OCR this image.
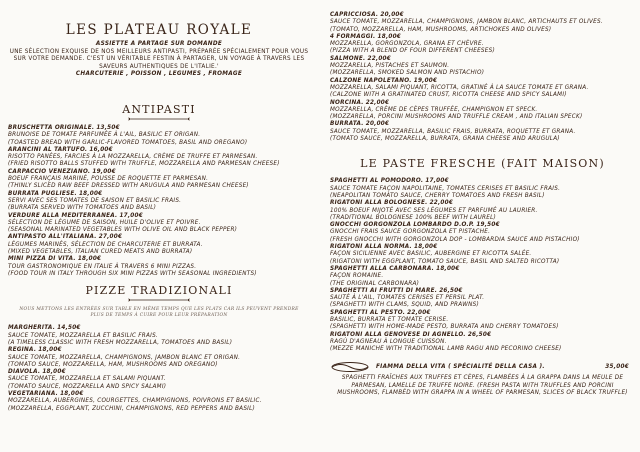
LES PLATEAU ROYALE
ASSIETTE A PARTAGE SUR DOMANDE
UNE SÉLECTION EXQUISE DE NOS MEILLEURS ANTIPASTI, PRÉPARÉE SPÉCIALEMENT POUR VOUS SUR VOTRE DEMANDE. C'EST UN VÉRITABLE FESTIN À PARTAGER, UN VOYAGE À TRAVERS LES SAVEURS AUTHENTIQUES DE L'ITALIE.'
CHARCUTERIE , POISSON , LEGUMES , FROMAGE
ANTIPASTI
BRUSCHETTA ORIGINALE. 13,50€
BRUNOISE DE TOMATE PARFUMÉE À L'AIL, BASILIC ET ORIGAN.
(TOASTED BREAD WITH GARLIC-FLAVORED TOMATOES, BASIL AND OREGANO)
ARANCINI AL TARTUFO. 16,00€
RISOTTO PANÉES, FARCIES À LA MOZZARELLA, CRÈME DE TRUFFE ET PARMESAN.
(FRIED RISOTTO BALLS STUFFED WITH TRUFFLE, MOZZARELLA AND PARMESAN CHEESE)
CARPACCIO VENEZIANO. 19,00€
BOEUF FRANÇAIS MARINÉ, POUSSE DE ROQUETTE ET PARMESAN.
(THINLY SLICED RAW BEEF DRESSED WITH ARUGULA AND PARMESAN CHEESE)
BURRATA PUGLIESE. 18,00€
SERVI AVEC SES TOMATES DE SAISON ET BASILIC FRAIS.
(BURRATA SERVED WITH TOMATOES AND BASIL)
VERDURE ALLA MEDITERRANEA. 17,00€
SÉLECTION DE LÉGUME DE SAISON, HUILE D'OLIVE ET POIVRE.
(SEASONAL MARINATED VEGETABLES WITH OLIVE OIL AND BLACK PEPPER)
ANTIPASTO ALL'ITALIANA. 27,00€
LÉGUMES MARINÉS, SÉLECTION DE CHARCUTERIE ET BURRATA.
(MIXED VEGETABLES, ITALIAN CURED MEATS AND BURRATA)
MINI PIZZA DI VITA. 18,00€
TOUR GASTRONOMIQUE EN ITALIE À TRAVERS 6 MINI PIZZAS.
(FOOD TOUR IN ITALY THROUGH SIX MINI PIZZAS WITH SEASONAL INGREDIENTS)
PIZZE TRADIZIONALI
NOUS METTONS LES ENTRÉES SUR TABLE EN MÊME TEMPS QUE LES PLATS CAR ILS PEUVENT PRENDRE PLUS DE TEMPS À CUIRE POUR LEUR PRÉPARATION
MARGHERITA. 14,50€
SAUCE TOMATE, MOZZARELLA ET BASILIC FRAIS.
(A TIMELESS CLASSIC WITH FRESH MOZZARELLA, TOMATOES AND BASIL)
REGINA. 18,00€
SAUCE TOMATE, MOZZARELLA, CHAMPIGNONS, JAMBON BLANC ET ORIGAN.
(TOMATO SAUCE, MOZZARELLA, HAM, MUSHROOMS AND OREGANO)
DIAVOLA. 18,00€
SAUCE TOMATE, MOZZARELLA ET SALAMI PIQUANT.
(TOMATO SAUCE, MOZZARELLA AND SPICY SALAMI)
VEGETARIANA. 18,00€
MOZZARELLA, AUBERGINES, COURGETTES, CHAMPIGNONS, POIVRONS ET BASILIC.
(MOZZARELLA, EGGPLANT, ZUCCHINI, CHAMPIGNONS, RED PEPPERS AND BASIL)
CAPRICCIOSA. 20,00€
SAUCE TOMATE, MOZZARELLA, CHAMPIGNONS, JAMBON BLANC, ARTICHAUTS ET OLIVES.
(TOMATO, MOZZARELLA, HAM, MUSHROOMS, ARTICHOKES AND OLIVES)
4 FORMAGGI. 18,00€
MOZZARELLA, GORGONZOLA, GRANA ET CHÈVRE.
(PIZZA WITH A BLEND OF FOUR DIFFERENT CHEESES)
SALMONE. 22,00€
MOZZARELLA, PISTACHES ET SAUMON.
(MOZZARELLA, SMOKED SALMON AND PISTACHIO)
CALZONE NAPOLETANO. 19,00€
MOZZARELLA, SALAMI PIQUANT, RICOTTA, GRATINÉ À LA SAUCE TOMATE ET GRANA.
(CALZONE WITH A GRATINATED CRUST, RICOTTA CHEESE AND SPICY SALAMI)
NORCINA. 22,00€
MOZZARELLA, CRÈME DE CÈPES TRUFFÉE, CHAMPIGNON ET SPECK.
(MOZZARELLA, PORCINI MUSHROOMS AND TRUFFLE CREAM , AND ITALIAN SPECK)
BURRATA. 20,00€
SAUCE TOMATE, MOZZARELLA, BASILIC FRAIS, BURRATA, ROQUETTE ET GRANA.
(TOMATO SAUCE, MOZZARELLA, BURRATA, GRANA CHEESE AND ARUGULA)
LE PASTE FRESCHE (FAIT MAISON)
SPAGHETTI AL POMODORO. 17,00€
SAUCE TOMATE FAÇON NAPOLITAINE, TOMATES CERISES ET BASILIC FRAIS.
(NEAPOLITAN TOMATO SAUCE, CHERRY TOMATOES AND FRESH BASIL)
RIGATONI ALLA BOLOGNESE. 22,00€
100% BOEUF MIJOTÉ AVEC SES LÉGUMES ET PARFUMÉ AU LAURIER.
(TRADITIONAL BOLOGNESE 100% BEEF WITH LAUREL)
GNOCCHI GORGONZOLA LOMBARDO D.O.P. 19,50€
GNOCCHI FRAIS SAUCE GORGONZOLA ET PISTACHE.
(FRESH GNOCCHI WITH GORGONZOLA DOP - LOMBARDIA SAUCE AND PISTACHIO)
RIGATONI ALLA NORMA. 18,00€
FAÇON SICILIENNE AVEC BASILIC, AUBERGINE ET RICOTTA SALÉE.
(RIGATONI WITH EGGPLANT, TOMATO SAUCE, BASIL AND SALTED RICOTTA)
SPAGHETTI ALLA CARBONARA. 18,00€
FAÇON ROMAINE.
(THE ORIGINAL CARBONARA)
SPAGHETTI AI FRUTTI DI MARE. 26,50€
SAUTÉ À L'AIL, TOMATES CERISES ET PERSIL PLAT.
(SPAGHETTI WITH CLAMS, SQUID, AND PRAWNS)
SPAGHETTI AL PESTO. 22,00€
BASILIC, BURRATA ET TOMATE CERISE.
(SPAGHETTI WITH HOME-MADE PESTO, BURRATA AND CHERRY TOMATOES)
RIGATONI ALLA GENOVESE DI AGNELLO. 26,50€
RAGÙ D'AGNEAU À LONGUE CUISSON.
(MEZZE MANICHE WITH TRADITIONAL LAMB RAGU AND PECORINO CHEESE)
FIAMMA DELLA VITA ( SPÉCIALITÉ DELLA CASA ).	35,00€
SPAGHETTI FRAÎCHES AUX TRUFFES ET CÈPES, FLAMBÉES À LA GRAPPA DANS LA MEULE DE PARMESAN, LAMELLE DE TRUFFE NOIRE. (FRESH PASTA WITH TRUFFLES AND PORCINI MUSHROOMS, FLAMBÉD WITH GRAPPA IN A WHEEL OF PARMESAN, SLICES OF BLACK TRUFFLE)
